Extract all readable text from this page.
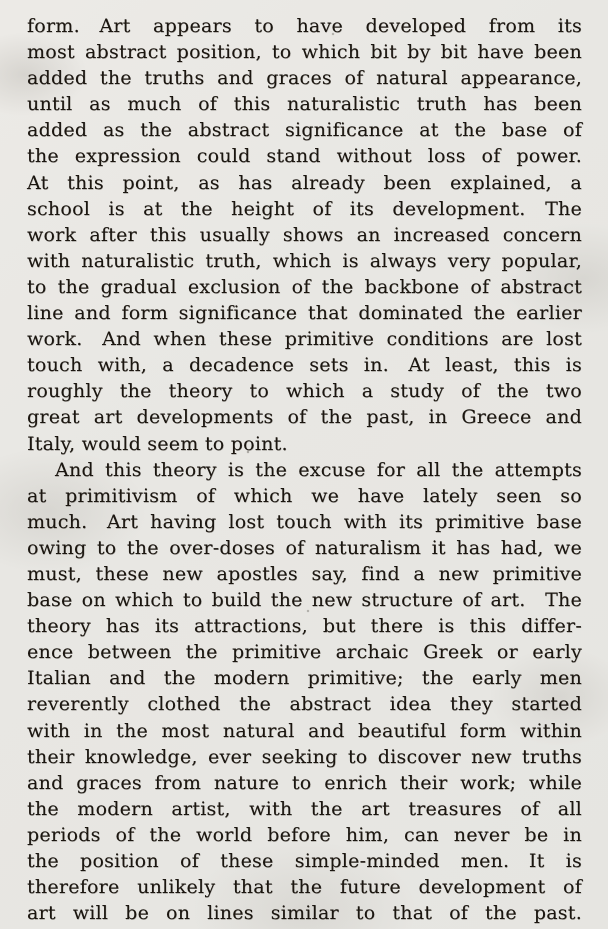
form.  Art appears to have developed from its
most abstract position, to which bit by bit have been
added the truths and graces of natural appearance,
until as much of this naturalistic truth has been
added as the abstract significance at the base of
the expression could stand without loss of power.
At this point, as has already been explained, a
school is at the height of its development.  The
work after this usually shows an increased concern
with naturalistic truth, which is always very popular,
to the gradual exclusion of the backbone of abstract
line and form significance that dominated the earlier
work.  And when these primitive conditions are lost
touch with, a decadence sets in.  At least, this is
roughly the theory to which a study of the two
great art developments of the past, in Greece and
Italy, would seem to point.
And this theory is the excuse for all the attempts
at primitivism of which we have lately seen so
much.  Art having lost touch with its primitive base
owing to the over-doses of naturalism it has had, we
must, these new apostles say, find a new primitive
base on which to build the new structure of art.  The
theory has its attractions, but there is this differ-
ence between the primitive archaic Greek or early
Italian and the modern primitive; the early men
reverently clothed the abstract idea they started
with in the most natural and beautiful form within
their knowledge, ever seeking to discover new truths
and graces from nature to enrich their work; while
the modern artist, with the art treasures of all
periods of the world before him, can never be in
the position of these simple-minded men.  It is
therefore unlikely that the future development of
art will be on lines similar to that of the past.
